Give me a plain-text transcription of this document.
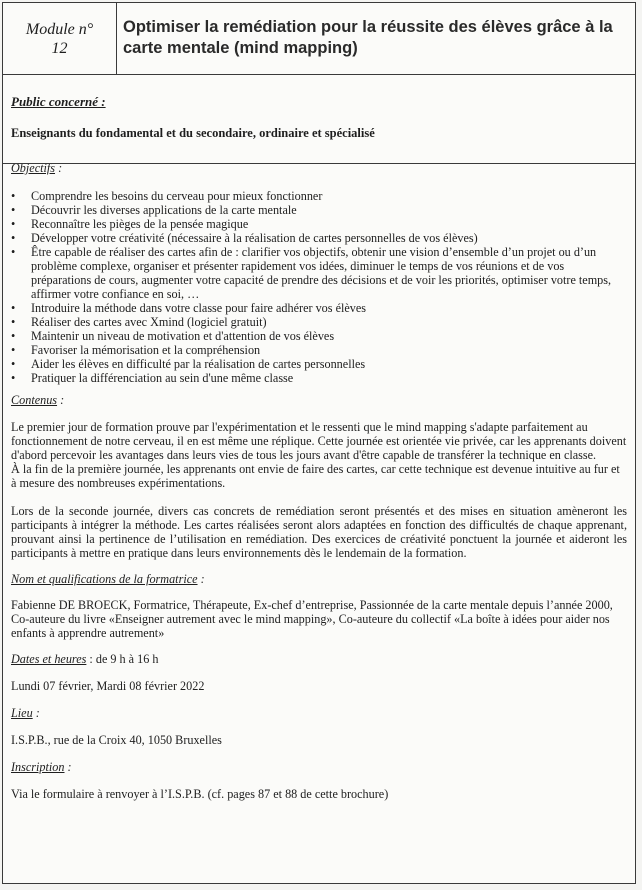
Module n°
12
Optimiser la remédiation pour la réussite des élèves grâce à la
carte mentale (mind mapping)
Public concerné :
Enseignants du fondamental et du secondaire, ordinaire et spécialisé
Objectifs :
• Comprendre les besoins du cerveau pour mieux fonctionner
• Découvrir les diverses applications de la carte mentale
• Reconnaître les pièges de la pensée magique
• Développer votre créativité (nécessaire à la réalisation de cartes personnelles de vos élèves)
• Être capable de réaliser des cartes afin de : clarifier vos objectifs, obtenir une vision d’ensemble d’un projet ou d’un problème complexe, organiser et présenter rapidement vos idées, diminuer le temps de vos réunions et de vos préparations de cours, augmenter votre capacité de prendre des décisions et de voir les priorités, optimiser votre temps, affirmer votre confiance en soi, …
• Introduire la méthode dans votre classe pour faire adhérer vos élèves
• Réaliser des cartes avec Xmind (logiciel gratuit)
• Maintenir un niveau de motivation et d'attention de vos élèves
• Favoriser la mémorisation et la compréhension
• Aider les élèves en difficulté par la réalisation de cartes personnelles
• Pratiquer la différenciation au sein d'une même classe
Contenus :

Le premier jour de formation prouve par l'expérimentation et le ressenti que le mind mapping s'adapte parfaitement au fonctionnement de notre cerveau, il en est même une réplique. Cette journée est orientée vie privée, car les apprenants doivent d'abord percevoir les avantages dans leurs vies de tous les jours avant d'être capable de transférer la technique en classe.

À la fin de la première journée, les apprenants ont envie de faire des cartes, car cette technique est devenue intuitive au fur et à mesure des nombreuses expérimentations.

Lors de la seconde journée, divers cas concrets de remédiation seront présentés et des mises en situation amèneront les participants à intégrer la méthode. Les cartes réalisées seront alors adaptées en fonction des difficultés de chaque apprenant, prouvant ainsi la pertinence de l’utilisation en remédiation. Des exercices de créativité ponctuent la journée et aideront les participants à mettre en pratique dans leurs environnements dès le lendemain de la formation.

Nom et qualifications de la formatrice :

Fabienne DE BROECK, Formatrice, Thérapeute, Ex-chef d’entreprise, Passionnée de la carte mentale depuis l’année 2000, Co-auteure du livre «Enseigner autrement avec le mind mapping», Co-auteure du collectif «La boîte à idées pour aider nos enfants à apprendre autrement»

Dates et heures : de 9 h à 16 h

Lundi 07 février, Mardi 08 février 2022

Lieu :

I.S.P.B., rue de la Croix 40, 1050 Bruxelles

Inscription :

Via le formulaire à renvoyer à l’I.S.P.B. (cf. pages 87 et 88 de cette brochure)
